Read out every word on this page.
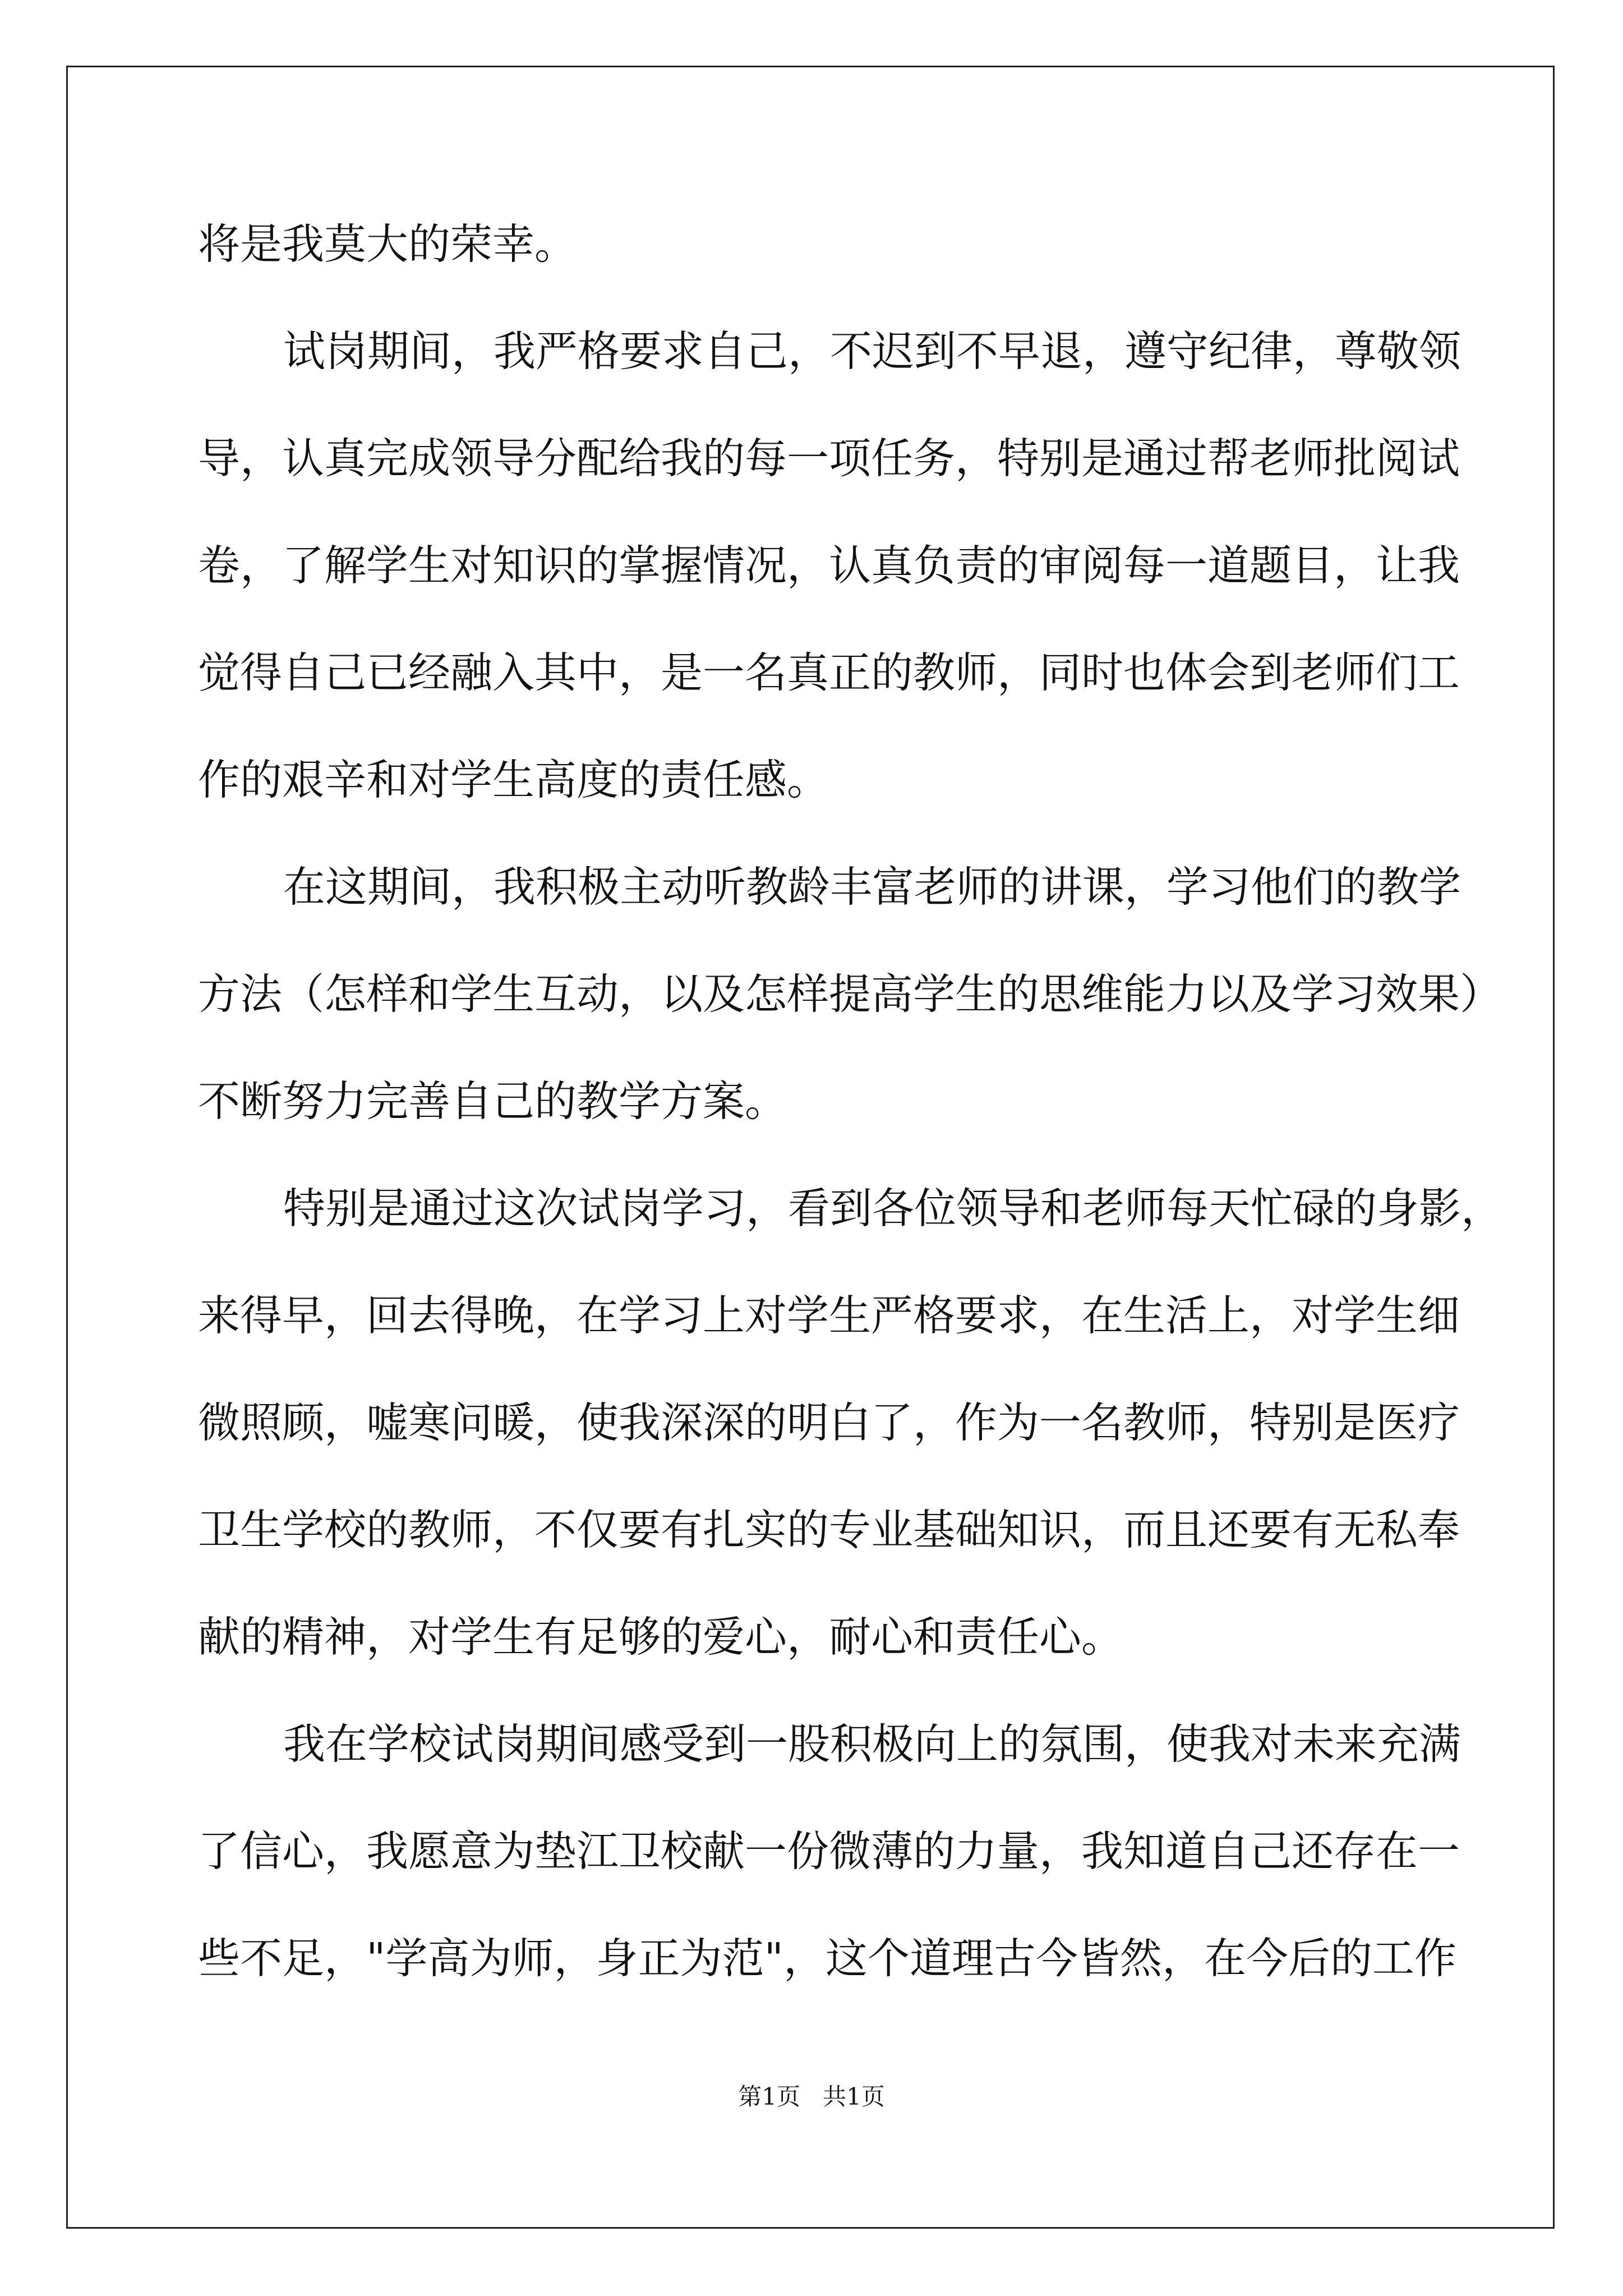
将是我莫大的荣幸。
试岗期间，我严格要求自己，不迟到不早退，遵守纪律，尊敬领
导，认真完成领导分配给我的每一项任务，特别是通过帮老师批阅试
卷，了解学生对知识的掌握情况，认真负责的审阅每一道题目，让我
觉得自己已经融入其中，是一名真正的教师，同时也体会到老师们工
作的艰辛和对学生高度的责任感。
在这期间，我积极主动听教龄丰富老师的讲课，学习他们的教学
方法（怎样和学生互动，以及怎样提高学生的思维能力以及学习效果）
不断努力完善自己的教学方案。
特别是通过这次试岗学习，看到各位领导和老师每天忙碌的身影，
来得早，回去得晚，在学习上对学生严格要求，在生活上，对学生细
微照顾，嘘寒问暖，使我深深的明白了，作为一名教师，特别是医疗
卫生学校的教师，不仅要有扎实的专业基础知识，而且还要有无私奉
献的精神，对学生有足够的爱心，耐心和责任心。
我在学校试岗期间感受到一股积极向上的氛围，使我对未来充满
了信心，我愿意为垫江卫校献一份微薄的力量，我知道自己还存在一
些不足，"学高为师，身正为范"，这个道理古今皆然，在今后的工作
第1页 共1页
